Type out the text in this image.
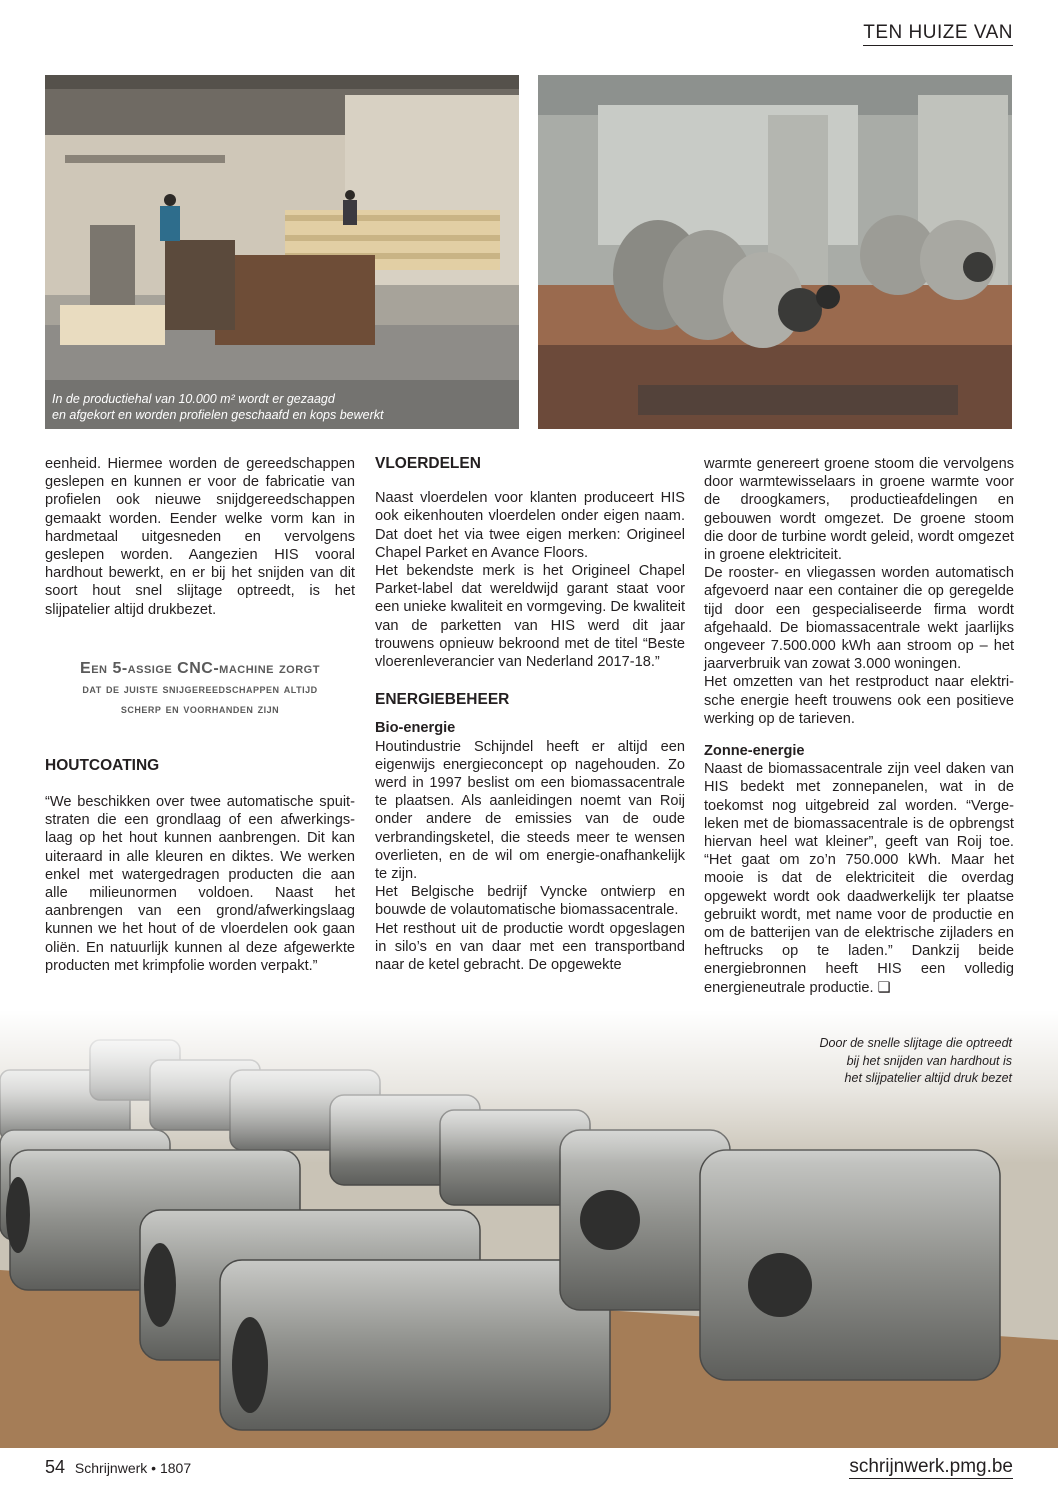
TEN HUIZE VAN
In de productiehal van 10.000 m² wordt er gezaagd
en afgekort en worden profielen geschaafd en kops bewerkt

eenheid. Hiermee worden de gereedschappen geslepen en kunnen er voor de fabricatie van profielen ook nieuwe snijdgereedschappen gemaakt worden. Eender welke vorm kan in hardmetaal uitgesneden en vervolgens geslepen worden. Aangezien HIS vooral hardhout bewerkt, en er bij het snijden van dit soort hout snel slijtage optreedt, is het slijpatelier altijd drukbezet.

Een 5-assige CNC-machine zorgt
dat de juiste snijgereedschappen altijd
scherp en voorhanden zijn
HOUTCOATING

“We beschikken over twee automatische spuitstraten die een grondlaag of een afwerkingslaag op het hout kunnen aanbrengen. Dit kan uiteraard in alle kleuren en diktes. We werken enkel met watergedragen producten die aan alle milieunormen voldoen. Naast het aanbrengen van een grond/afwerkingslaag kunnen we het hout of de vloerdelen ook gaan oliën. En natuurlijk kunnen al deze afgewerkte producten met krimpfolie worden verpakt.”

VLOERDELEN

Naast vloerdelen voor klanten produceert HIS ook eikenhouten vloerdelen onder eigen naam. Dat doet het via twee eigen merken: Origineel Chapel Parket en Avance Floors.

Het bekendste merk is het Origineel Chapel Parket-label dat wereldwijd garant staat voor een unieke kwaliteit en vormgeving. De kwaliteit van de parketten van HIS werd dit jaar trouwens opnieuw bekroond met de titel “Beste vloerenleverancier van Nederland 2017-18.”

ENERGIEBEHEER
Bio-energie

Houtindustrie Schijndel heeft er altijd een eigenwijs energieconcept op nagehouden. Zo werd in 1997 beslist om een biomassacentrale te plaatsen. Als aanleidingen noemt van Roij onder andere de emissies van de oude verbrandingsketel, die steeds meer te wensen overlieten, en de wil om energie-onafhankelijk te zijn.

Het Belgische bedrijf Vyncke ontwierp en bouwde de volautomatische biomassacentrale.

Het resthout uit de productie wordt opgeslagen in silo’s en van daar met een transportband naar de ketel gebracht. De opgewekte

warmte genereert groene stoom die vervolgens door warmtewisselaars in groene warmte voor de droogkamers, productieafdelingen en gebouwen wordt omgezet. De groene stoom die door de turbine wordt geleid, wordt omgezet in groene elektriciteit.

De rooster- en vliegassen worden automatisch afgevoerd naar een container die op geregelde tijd door een gespecialiseerde firma wordt afgehaald. De biomassacentrale wekt jaarlijks ongeveer 7.500.000 kWh aan stroom op – het jaarverbruik van zowat 3.000 woningen.

Het omzetten van het restproduct naar elektrische energie heeft trouwens ook een positieve werking op de tarieven.

Zonne-energie

Naast de biomassacentrale zijn veel daken van HIS bedekt met zonnepanelen, wat in de toekomst nog uitgebreid zal worden. “Vergeleken met de biomassacentrale is de opbrengst hiervan heel wat kleiner”, geeft van Roij toe. “Het gaat om zo’n 750.000 kWh. Maar het mooie is dat de elektriciteit die overdag opgewekt wordt ook daadwerkelijk ter plaatse gebruikt wordt, met name voor de productie en om de batterijen van de elektrische zijladers en heftrucks op te laden.” Dankzij beide energiebronnen heeft HIS een volledig energieneutrale productie. ❑

Door de snelle slijtage die optreedt
bij het snijden van hardhout is
het slijpatelier altijd druk bezet
54 Schrijnwerk • 1807	schrijnwerk.pmg.be
